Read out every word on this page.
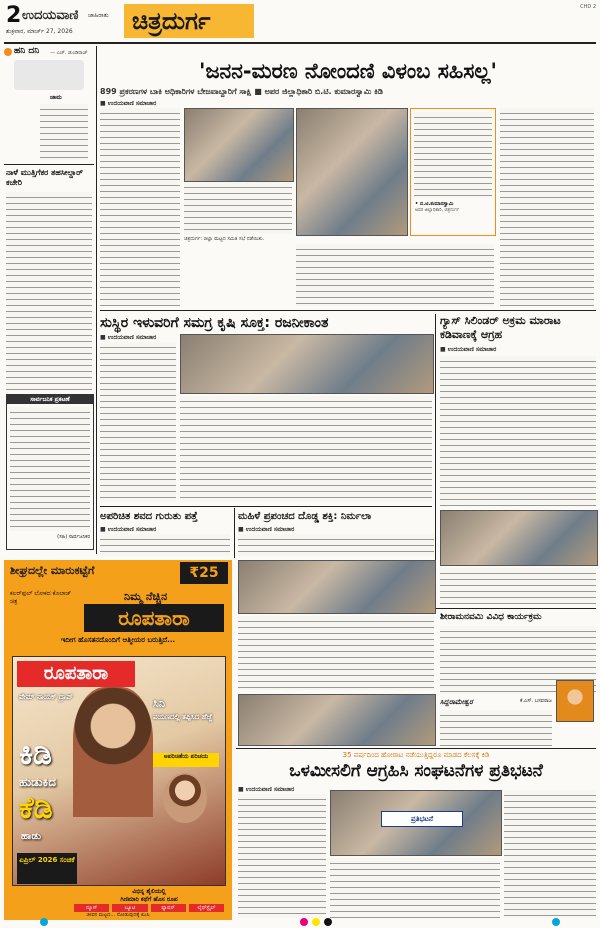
2 ಉದಯವಾಣಿ ಜಾಹಿರಾತು
ಶುಕ್ರವಾರ, ಮಾರ್ಚ್ 27, 2026	ಚಿತ್ರದುರ್ಗ	CHD 2
ಹನಿ ದನಿ — ಎಚ್. ಡುಂಡಿರಾಜ್
ಜಾಮ
ನಾಳೆ ಮುತ್ತಿಗೆಕರ ತಹಸೀಲ್ದಾರ್ ಕಚೇರಿ
ಸಾರ್ವಜನಿಕ ಪ್ರಕಟಣೆ
(ಸಹಿ) ಸಾರ್ವಜನಿಕರ
'ಜನನ-ಮರಣ ನೋಂದಣಿ ವಿಳಂಬ ಸಹಿಸಲ್ಲ'
899 ಪ್ರಕರಣಗಳ ಬಾಕಿ ಅಧಿಕಾರಿಗಳ ಬೇಜವಾಬ್ದಾರಿಗೆ ಸಾಕ್ಷಿ ■ ಅಪರ ಜಿಲ್ಲಾಧಿಕಾರಿ ಬಿ.ಟಿ. ಕುಮಾರಸ್ವಾಮಿ ಕಿಡಿ
■ ಉದಯವಾಣಿ ಸಮಾಚಾರ
ಚಿತ್ರದುರ್ಗ: ಜಿಲ್ಲಾ ಮಟ್ಟದ ಸಮಿತಿ ಸಭೆ ನಡೆಯಿತು.
• ಬಿ.ಟಿ.ಕುಮಾರಸ್ವಾಮಿ
ಅಪರ ಜಿಲ್ಲಾಧಿಕಾರಿ, ಚಿತ್ರದುರ್ಗ
ಸುಸ್ಥಿರ ಇಳುವರಿಗೆ ಸಮಗ್ರ ಕೃಷಿ ಸೂಕ್ತ: ರಜನೀಕಾಂತ
■ ಉದಯವಾಣಿ ಸಮಾಚಾರ
ಗ್ಯಾಸ್ ಸಿಲಿಂಡರ್ ಅಕ್ರಮ ಮಾರಾಟ ಕಡಿವಾಣಕ್ಕೆ ಆಗ್ರಹ
■ ಉದಯವಾಣಿ ಸಮಾಚಾರ
ಅಪರಿಚಿತ ಶವದ ಗುರುತು ಪತ್ತೆ
■ ಉದಯವಾಣಿ ಸಮಾಚಾರ
ಮಹಿಳೆ ಪ್ರಪಂಚದ ದೊಡ್ಡ ಶಕ್ತಿ: ನಿರ್ಮಲಾ
■ ಉದಯವಾಣಿ ಸಮಾಚಾರ
ಶೀಘ್ರದಲ್ಲೇ ಮಾರುಕಟ್ಟೆಗೆ	₹25
ನಿಮ್ಮ ನೆಚ್ಚಿನ
ಕಲರ್‌ಫುಲ್ ಲೋಕದ ಕೊಲಾಜ್ ಚಿತ್ರ
ರೂಪತಾರಾ
ಇದೀಗ ಹೊಸತನದೊಂದಿಗೆ ಆತ್ಮೀಯರ ಬರುತ್ತಿದೆ...
ರೂಪತಾರಾ
ಪೇಮ್ ನಾಯಕ್ ದ್ರಾಪ್	ಸಿನಿ
ಪಯಣದಲ್ಲಿ ತಪ್ಪಿಸಿದ ಹೆಜ್ಜೆ
ಕಿಡಿ
ಹುಡುಕಿದ
ಕೆಡಿ
ಹಾಡು
ಅಪರಿಚಿತೆಯ ಪರಿಚಯ
ಏಪ್ರಿಲ್ 2026 ಸಂಚಿಕೆ
ವಿಭಿನ್ನ ಶೈಲಿಯಲ್ಲಿ
ಗಿಣಿಮಾರಿ ಕಥೆಗೆ ಹೊಸ ರೂಪ
ನ್ಯೂಸ್	ಬ್ಯೂಟಿ	ಫ್ಯಾಷನ್	ಲೈಫ್‌ಸ್ಟೈಲ್
ಜೀವನ ಮಟ್ಟದ... ನೋಡುವುದಕ್ಕೆ ಖುಷಿ
ಶೀರಾಮನವಮಿ ವಿವಿಧ ಕಾರ್ಯಕ್ರಮ
ಸಿದ್ದರಾಮೇಶ್ವರ	ಕೆ.ಎಸ್. ಬಸವರಾಜ
35 ವರ್ಷದಿಂದ ಹೋರಾಟ ನಡೆಯುತ್ತಿದ್ದರೂ ಮಾಡದ ಕೆಲಸಕ್ಕೆ ಕಿಡಿ
ಒಳಮೀಸಲಿಗೆ ಆಗ್ರಹಿಸಿ ಸಂಘಟನೆಗಳ ಪ್ರತಿಭಟನೆ
■ ಉದಯವಾಣಿ ಸಮಾಚಾರ
ಪ್ರತಿಭಟನೆ
